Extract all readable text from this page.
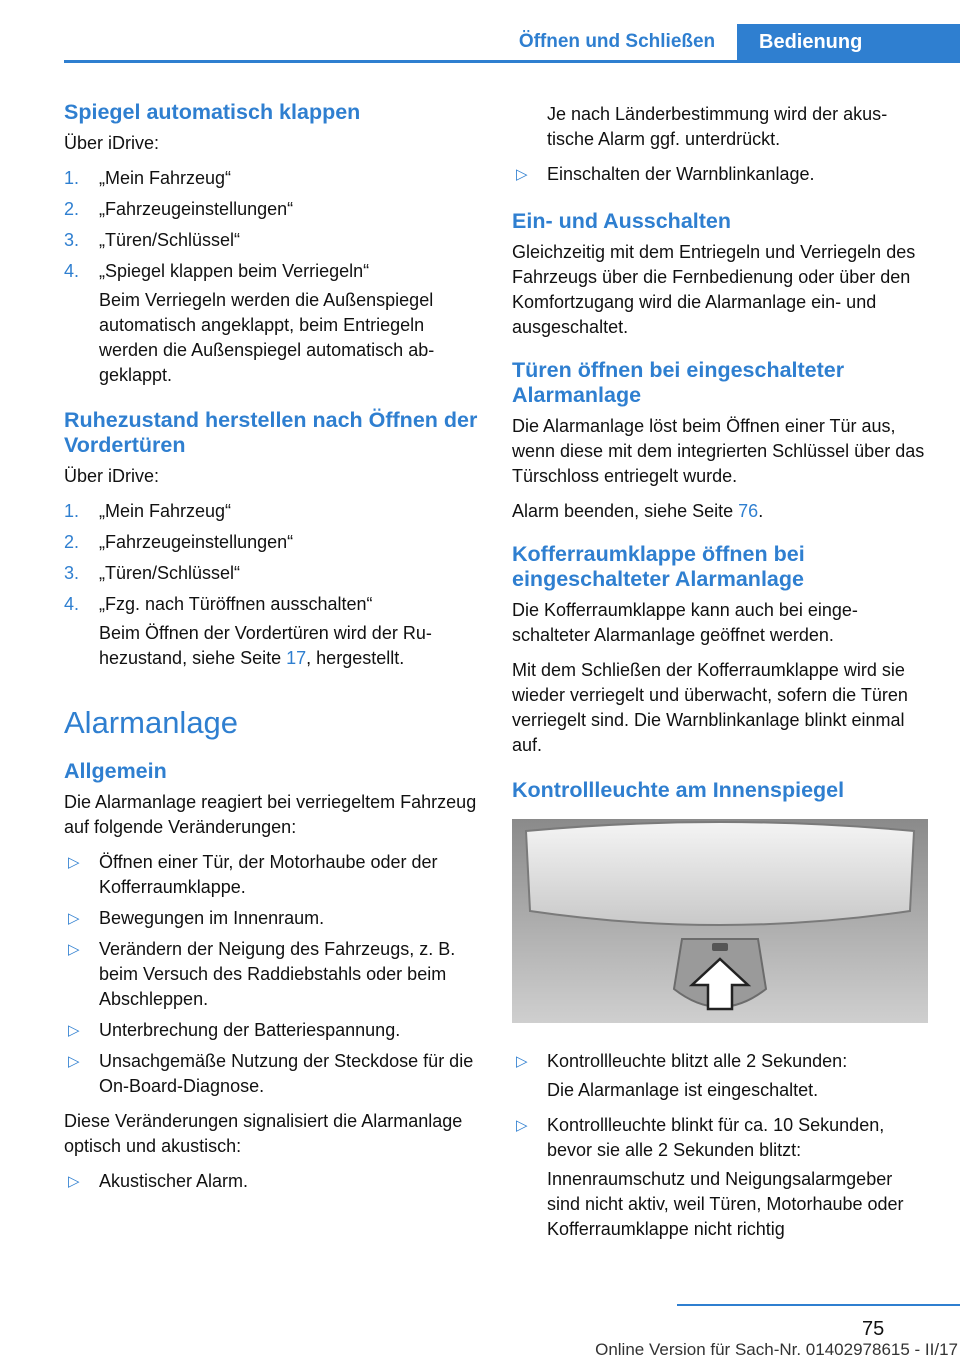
Öffnen und Schließen	Bedienung
Spiegel automatisch klappen

Über iDrive:

1. „Mein Fahrzeug“
2. „Fahrzeugeinstellungen“
3. „Türen/Schlüssel“
4. „Spiegel klappen beim Verriegeln“

Beim Verriegeln werden die Außenspiegel automatisch angeklappt, beim Entriegeln werden die Außenspiegel automatisch abgeklappt.

Ruhezustand herstellen nach Öffnen der Vordertüren

Über iDrive:

1. „Mein Fahrzeug“
2. „Fahrzeugeinstellungen“
3. „Türen/Schlüssel“
4. „Fzg. nach Türöffnen ausschalten“

Beim Öffnen der Vordertüren wird der Ruhezustand, siehe Seite 17, hergestellt.

Alarmanlage
Allgemein

Die Alarmanlage reagiert bei verriegeltem Fahrzeug auf folgende Veränderungen:

▷ Öffnen einer Tür, der Motorhaube oder der Kofferraumklappe.
▷ Bewegungen im Innenraum.
▷ Verändern der Neigung des Fahrzeugs, z. B. beim Versuch des Raddiebstahls oder beim Abschleppen.
▷ Unterbrechung der Batteriespannung.
▷ Unsachgemäße Nutzung der Steckdose für die On-Board-Diagnose.

Diese Veränderungen signalisiert die Alarmanlage optisch und akustisch:

▷ Akustischer Alarm.

Je nach Länderbestimmung wird der akustische Alarm ggf. unterdrückt.

▷ Einschalten der Warnblinkanlage.
Ein- und Ausschalten

Gleichzeitig mit dem Entriegeln und Verriegeln des Fahrzeugs über die Fernbedienung oder über den Komfortzugang wird die Alarmanlage ein- und ausgeschaltet.

Türen öffnen bei eingeschalteter Alarmanlage

Die Alarmanlage löst beim Öffnen einer Tür aus, wenn diese mit dem integrierten Schlüssel über das Türschloss entriegelt wurde.

Alarm beenden, siehe Seite 76.

Kofferraumklappe öffnen bei eingeschalteter Alarmanlage

Die Kofferraumklappe kann auch bei eingeschalteter Alarmanlage geöffnet werden.

Mit dem Schließen der Kofferraumklappe wird sie wieder verriegelt und überwacht, sofern die Türen verriegelt sind. Die Warnblinkanlage blinkt einmal auf.

Kontrollleuchte am Innenspiegel
▷ Kontrollleuchte blitzt alle 2 Sekunden:

Die Alarmanlage ist eingeschaltet.

▷ Kontrollleuchte blinkt für ca. 10 Sekunden, bevor sie alle 2 Sekunden blitzt:

Innenraumschutz und Neigungsalarmgeber sind nicht aktiv, weil Türen, Motorhaube oder Kofferraumklappe nicht richtig

75
Online Version für Sach-Nr. 01402978615 - II/17
